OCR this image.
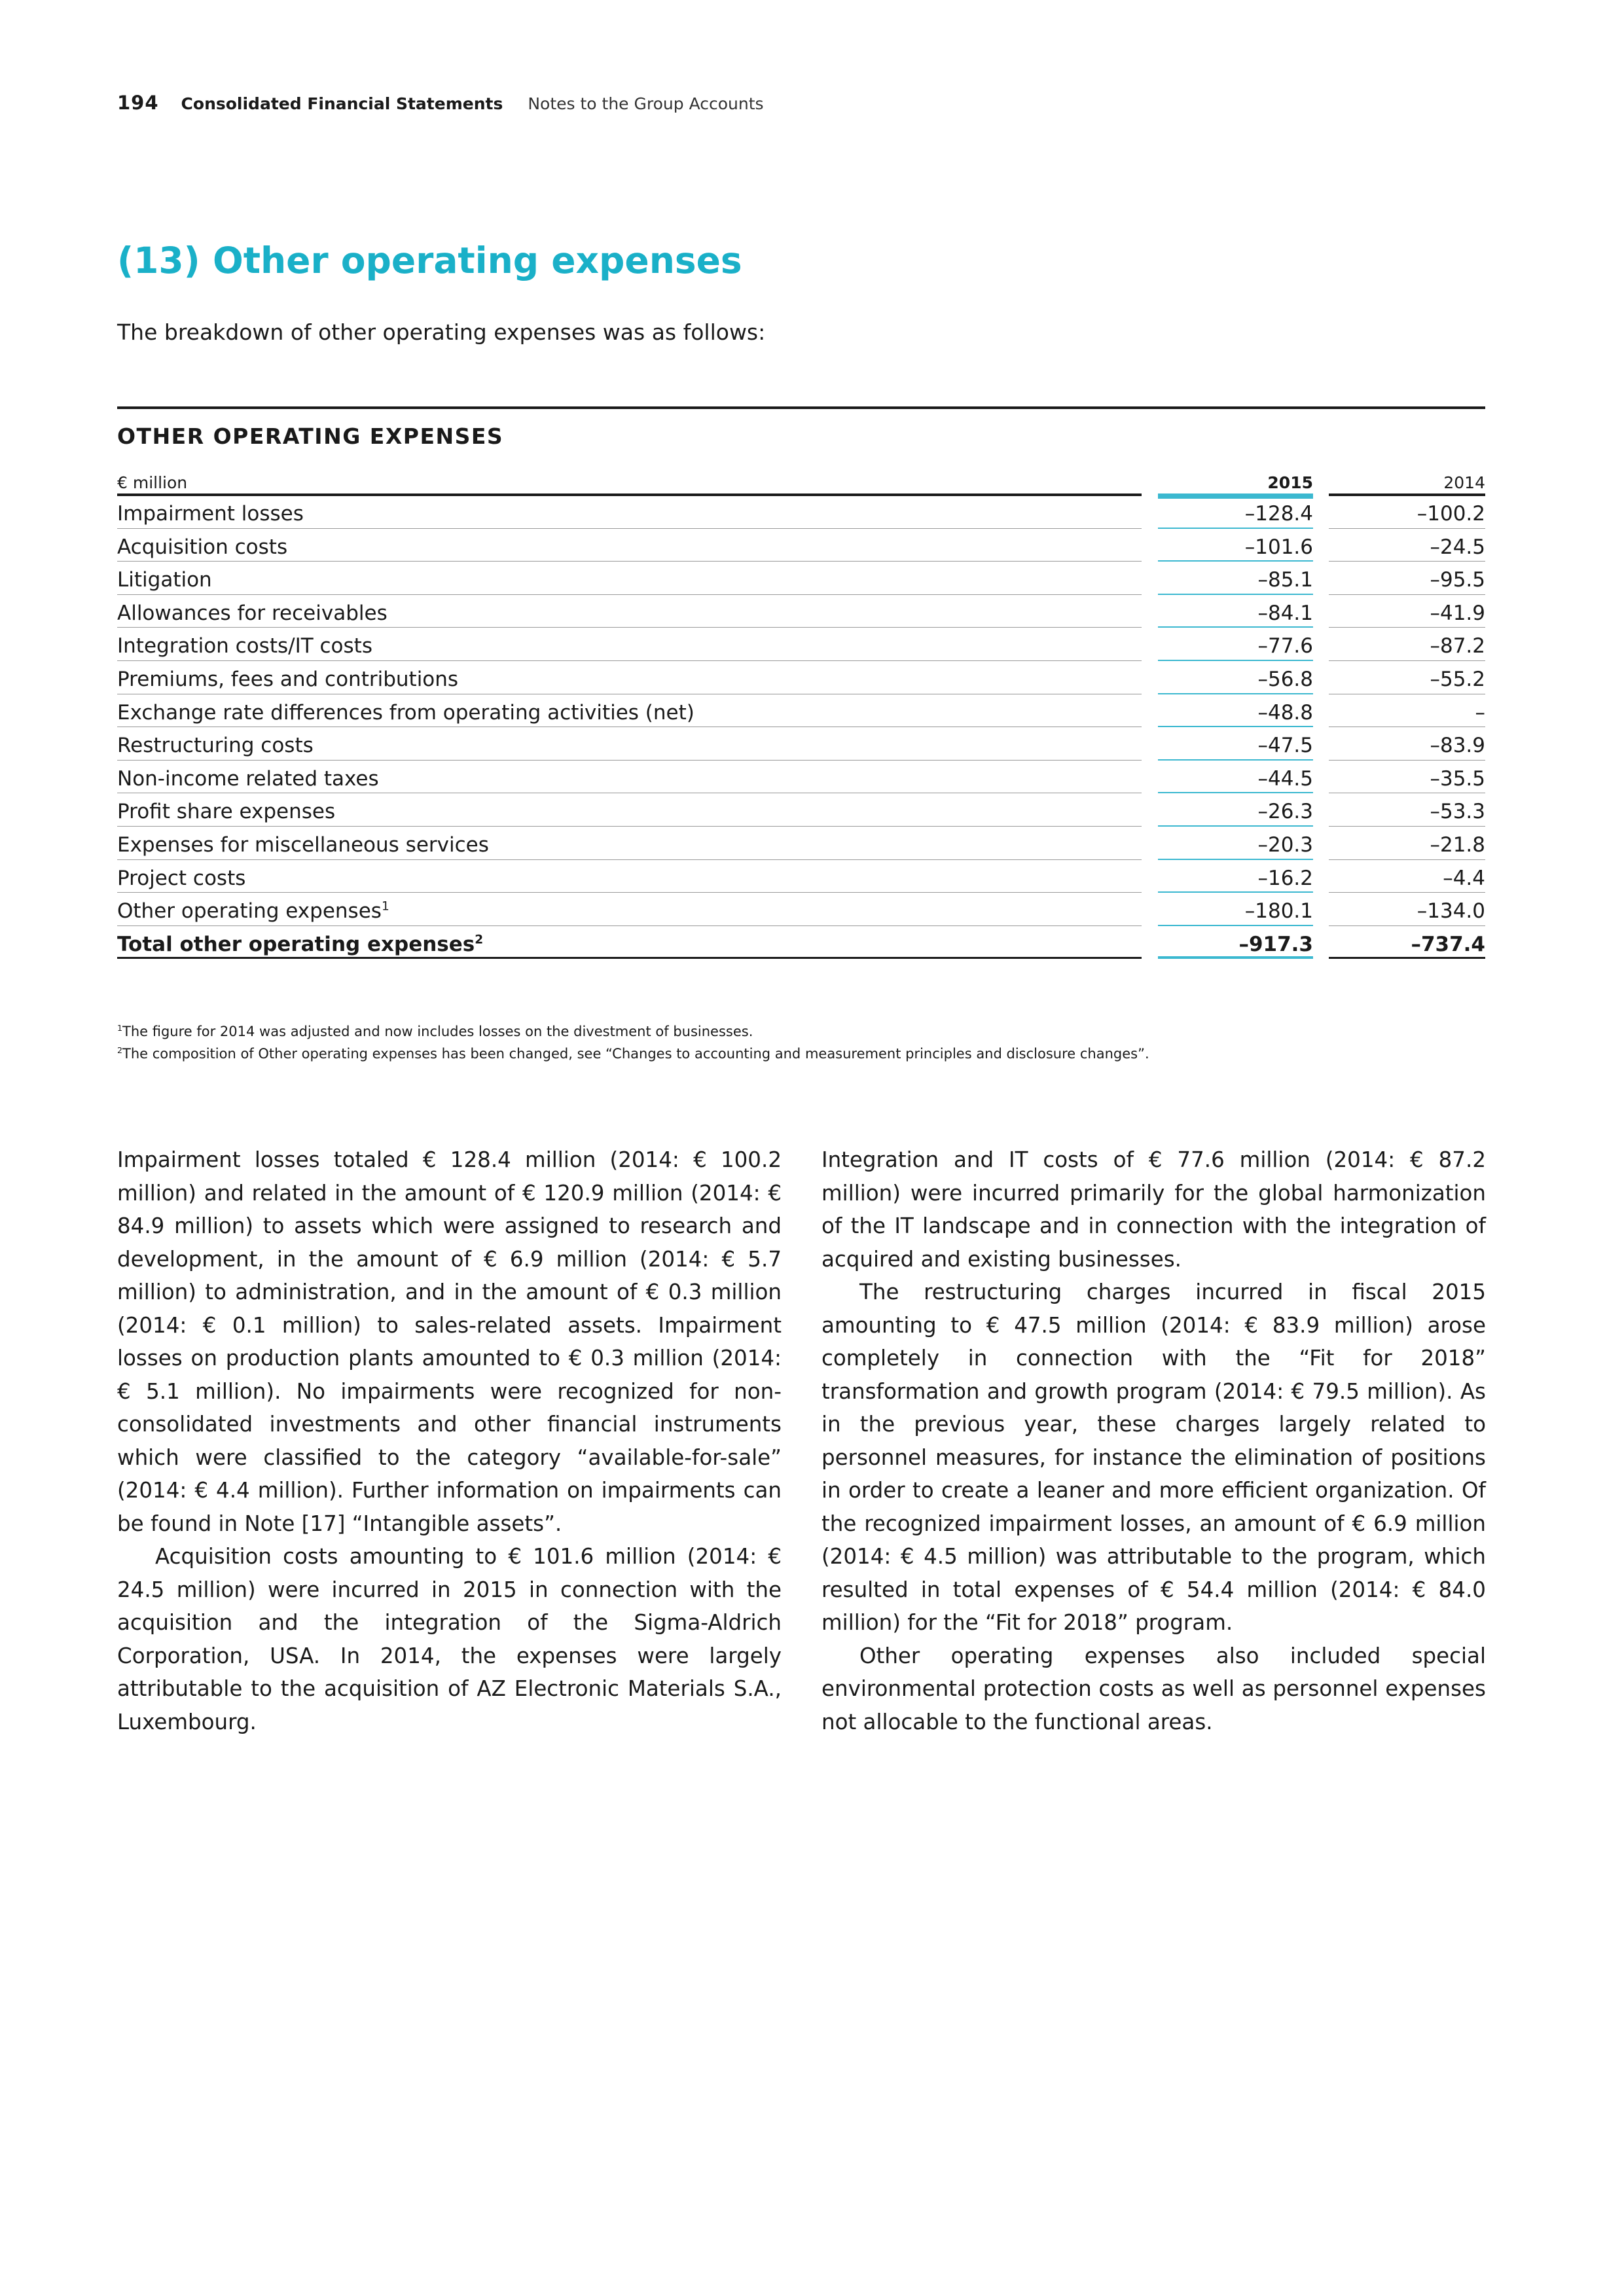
194 Consolidated Financial Statements Notes to the Group Accounts
(13) Other operating expenses
The breakdown of other operating expenses was as follows:
OTHER OPERATING EXPENSES
€ million	2015	2014
Impairment losses	–128.4	–100.2
Acquisition costs	–101.6	–24.5
Litigation	–85.1	–95.5
Allowances for receivables	–84.1	–41.9
Integration costs/IT costs	–77.6	–87.2
Premiums, fees and contributions	–56.8	–55.2
Exchange rate differences from operating activities (net)	–48.8	–
Restructuring costs	–47.5	–83.9
Non-income related taxes	–44.5	–35.5
Profit share expenses	–26.3	–53.3
Expenses for miscellaneous services	–20.3	–21.8
Project costs	–16.2	–4.4
Other operating expenses$^1$	–180.1	–134.0
Total other operating expenses$^2$	–917.3	–737.4
$^1$The figure for 2014 was adjusted and now includes losses on the divestment of businesses.
$^2$The composition of Other operating expenses has been changed, see “Changes to accounting and measurement principles and disclosure changes”.

Impairment losses totaled € 128.4 million (2014: € 100.2 million) and related in the amount of € 120.9 million (2014: € 84.9 million) to assets which were assigned to research and development, in the amount of € 6.9 million (2014: € 5.7 million) to administration, and in the amount of € 0.3 million (2014: € 0.1 million) to sales-related assets. Impairment losses on production plants amounted to € 0.3 million (2014: € 5.1 million). No impairments were recognized for non-consolidated investments and other financial instruments which were classified to the category “available-for-sale” (2014: € 4.4 million). Further information on impairments can be found in Note [17] “Intangible assets”.

Acquisition costs amounting to € 101.6 million (2014: € 24.5 million) were incurred in 2015 in connection with the acquisition and the integration of the Sigma-Aldrich Corporation, USA. In 2014, the expenses were largely attributable to the acquisition of AZ Electronic Materials S.A., Luxembourg.

Integration and IT costs of € 77.6 million (2014: € 87.2 million) were incurred primarily for the global harmonization of the IT landscape and in connection with the integration of acquired and existing businesses.

The restructuring charges incurred in fiscal 2015 amounting to € 47.5 million (2014: € 83.9 million) arose completely in connection with the “Fit for 2018” transformation and growth program (2014: € 79.5 million). As in the previous year, these charges largely related to personnel measures, for instance the elimination of positions in order to create a leaner and more efficient organization. Of the recognized impairment losses, an amount of € 6.9 million (2014: € 4.5 million) was attributable to the program, which resulted in total expenses of € 54.4 million (2014: € 84.0 million) for the “Fit for 2018” program.

Other operating expenses also included special environmental protection costs as well as personnel expenses not allocable to the functional areas.
